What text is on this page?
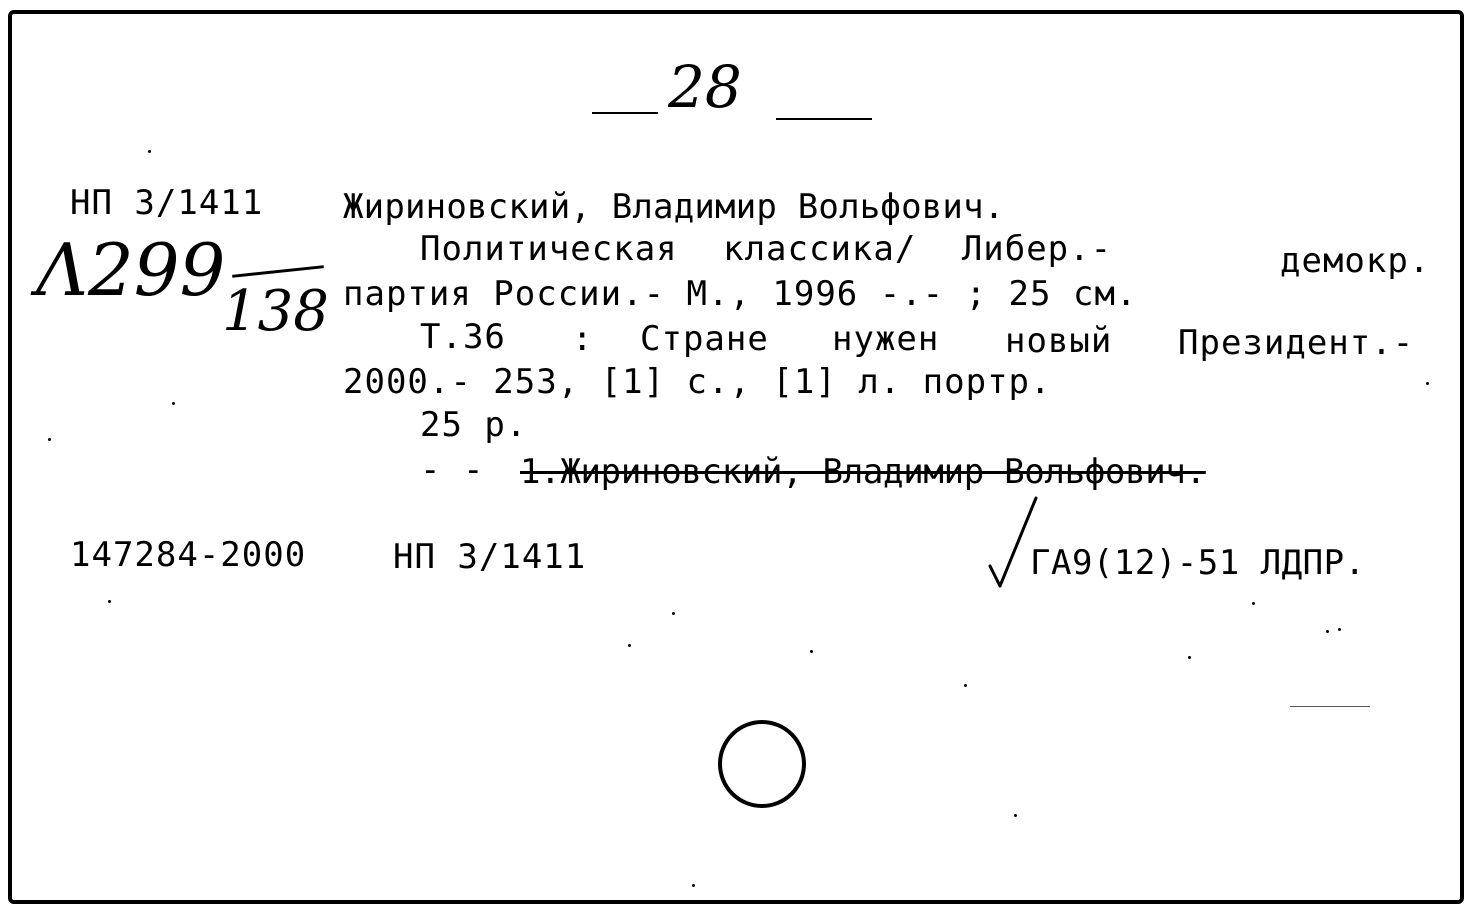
28
НП 3/1411
Λ299
138
Жириновский, Владимир Вольфович.
Политическая классика/ Либер.-	демокр.
партия России.- М., 1996 -.- ; 25 см.
Т.36 : Стране нужен новый Президент.-
2000.- 253, [1] с., [1] л. портр.
25 р.
- - 1.Жириновский, Владимир Вольфович.
147284-2000	НП 3/1411	ГА9(12)-51 ЛДПР.
